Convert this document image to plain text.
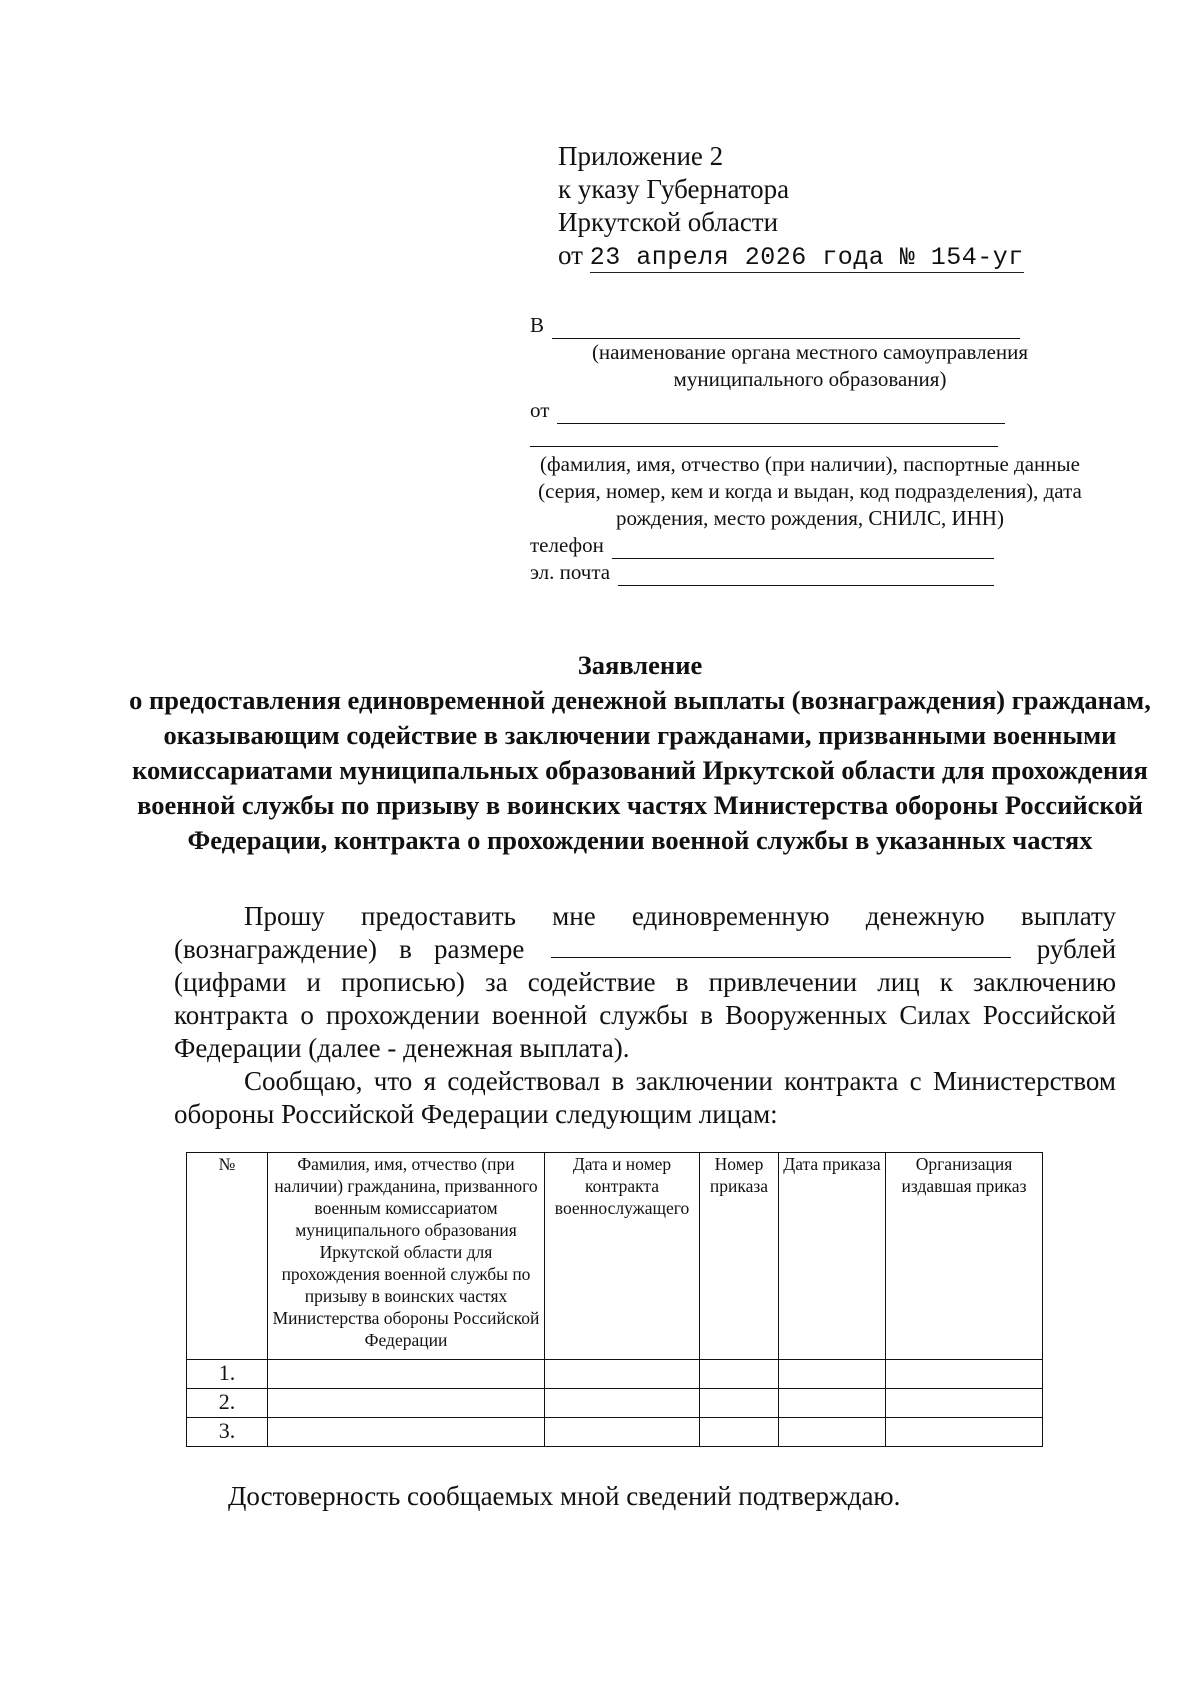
Приложение 2
к указу Губернатора
Иркутской области
от 23 апреля 2026 года № 154-уг
В
(наименование органа местного самоуправления муниципального образования)
от
(фамилия, имя, отчество (при наличии), паспортные данные (серия, номер, кем и когда и выдан, код подразделения), дата рождения, место рождения, СНИЛС, ИНН)
телефон
эл. почта
Заявление
о предоставления единовременной денежной выплаты (вознаграждения) гражданам, оказывающим содействие в заключении гражданами, призванными военными комиссариатами муниципальных образований Иркутской области для прохождения военной службы по призыву в воинских частях Министерства обороны Российской Федерации, контракта о прохождении военной службы в указанных частях

Прошу предоставить мне единовременную денежную выплату (вознаграждение) в размере	рублей (цифрами и прописью) за содействие в привлечении лиц к заключению контракта о прохождении военной службы в Вооруженных Силах Российской Федерации (далее - денежная выплата).

Сообщаю, что я содействовал в заключении контракта с Министерством обороны Российской Федерации следующим лицам:

№	Фамилия, имя, отчество (при наличии) гражданина, призванного военным комиссариатом муниципального образования Иркутской области для прохождения военной службы по призыву в воинских частях Министерства обороны Российской Федерации	Дата и номер контракта военнослужащего	Номер приказа	Дата приказа	Организация издавшая приказ
1.					
2.					
3.					
Достоверность сообщаемых мной сведений подтверждаю.
